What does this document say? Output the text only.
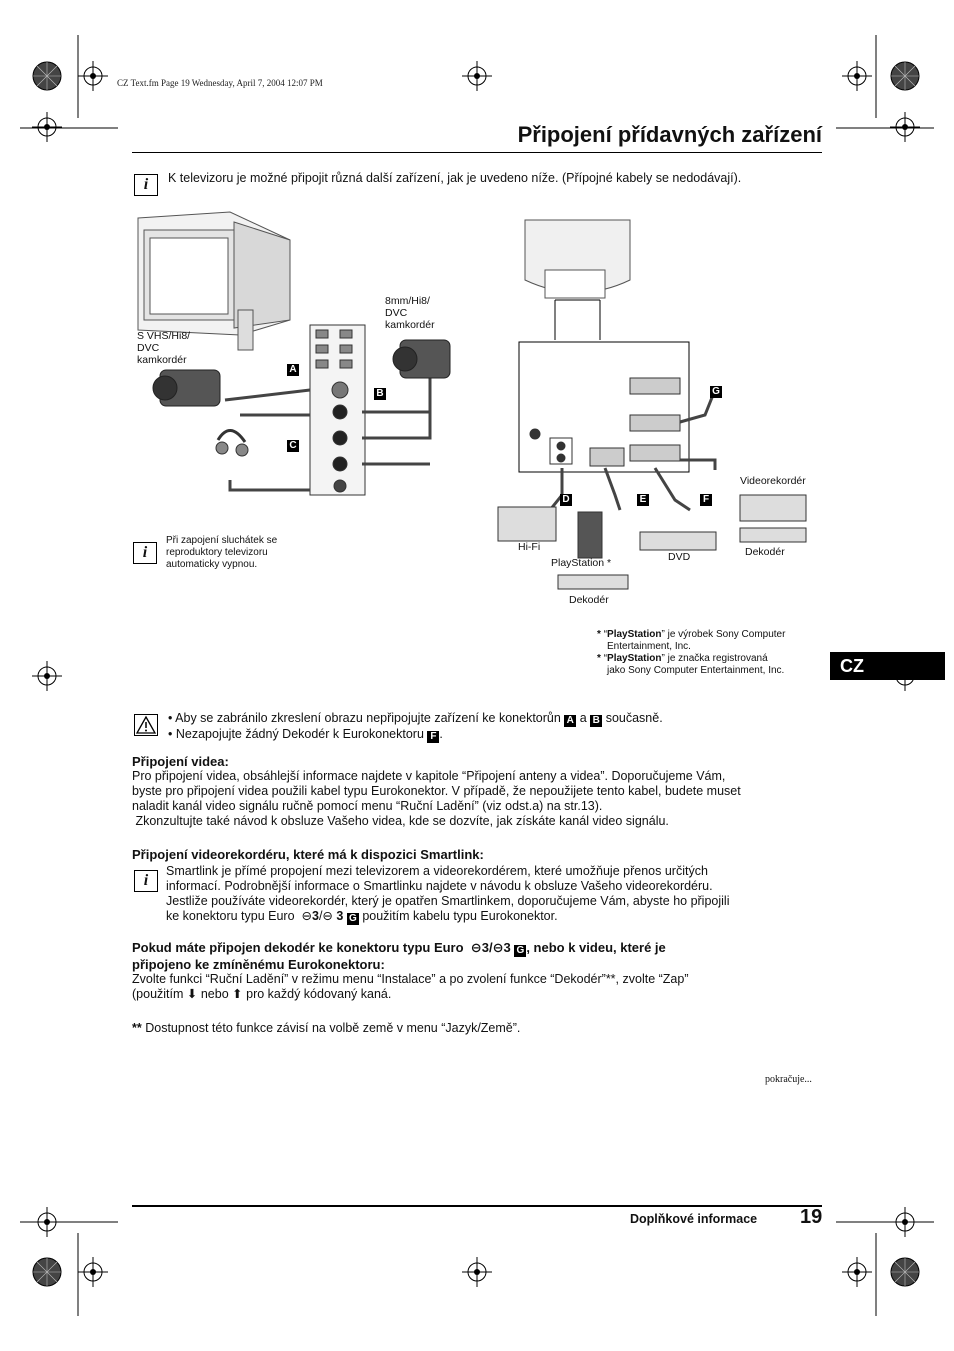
CZ Text.fm Page 19 Wednesday, April 7, 2004 12:07 PM
Připojení přídavných zařízení
i	K televizoru je možné připojit různá další zařízení, jak je uvedeno níže. (Přípojné kabely se nedodávají).
A
B
C
D	E	F
G
S VHS/Hi8/
DVC
kamkordér
8mm/Hi8/
DVC
kamkordér
Videorekordér
Dekodér
Hi-Fi
PlayStation *	DVD
Dekodér
i
Při zapojení sluchátek se
reproduktory televizoru
automaticky vypnou.
* “PlayStation” je výrobek Sony Computer
Entertainment, Inc.
* “PlayStation” je značka registrovaná
jako Sony Computer Entertainment, Inc.	CZ
• Aby se zabránilo zkreslení obrazu nepřipojujte zařízení ke konektorůn A a B současně.
• Nezapojujte žádný Dekodér k Eurokonektoru F .
Připojení videa:
Pro připojení videa, obsáhlejší informace najdete v kapitole “Připojení anteny a videa”. Doporučujeme Vám,
byste pro připojení videa použili kabel typu Eurokonektor. V případě, že nepoužijete tento kabel, budete muset
naladit kanál video signálu ručně pomocí menu “Ruční Ladění” (viz odst.a) na str.13).
Zkonzultujte také návod k obsluze Vašeho videa, kde se dozvíte, jak získáte kanál video signálu.
Připojení videorekordéru, které má k dispozici Smartlink:
i
Smartlink je přímé propojení mezi televizorem a videorekordérem, které umožňuje přenos určitých
informací. Podrobnější informace o Smartlinku najdete v návodu k obsluze Vašeho videorekordéru.
Jestliže používáte videorekordér, který je opatřen Smartlinkem, doporučujeme Vám, abyste ho připojili
ke konektoru typu Euro  ⊖3/⊖ 3 G použitím kabelu typu Eurokonektor.
Pokud máte připojen dekodér ke konektoru typu Euro  ⊖3/⊖3 G , nebo k videu, které je
připojeno ke zmíněnému Eurokonektoru:
Zvolte funkci “Ruční Ladění” v režimu menu “Instalace” a po zvolení funkce “Dekodér”**, zvolte “Zap”
(použitím ⬇ nebo ⬆ pro každý kódovaný kaná.
** Dostupnost této funkce závisí na volbě země v menu “Jazyk/Země”.
pokračuje...
Doplňkové informace 19
